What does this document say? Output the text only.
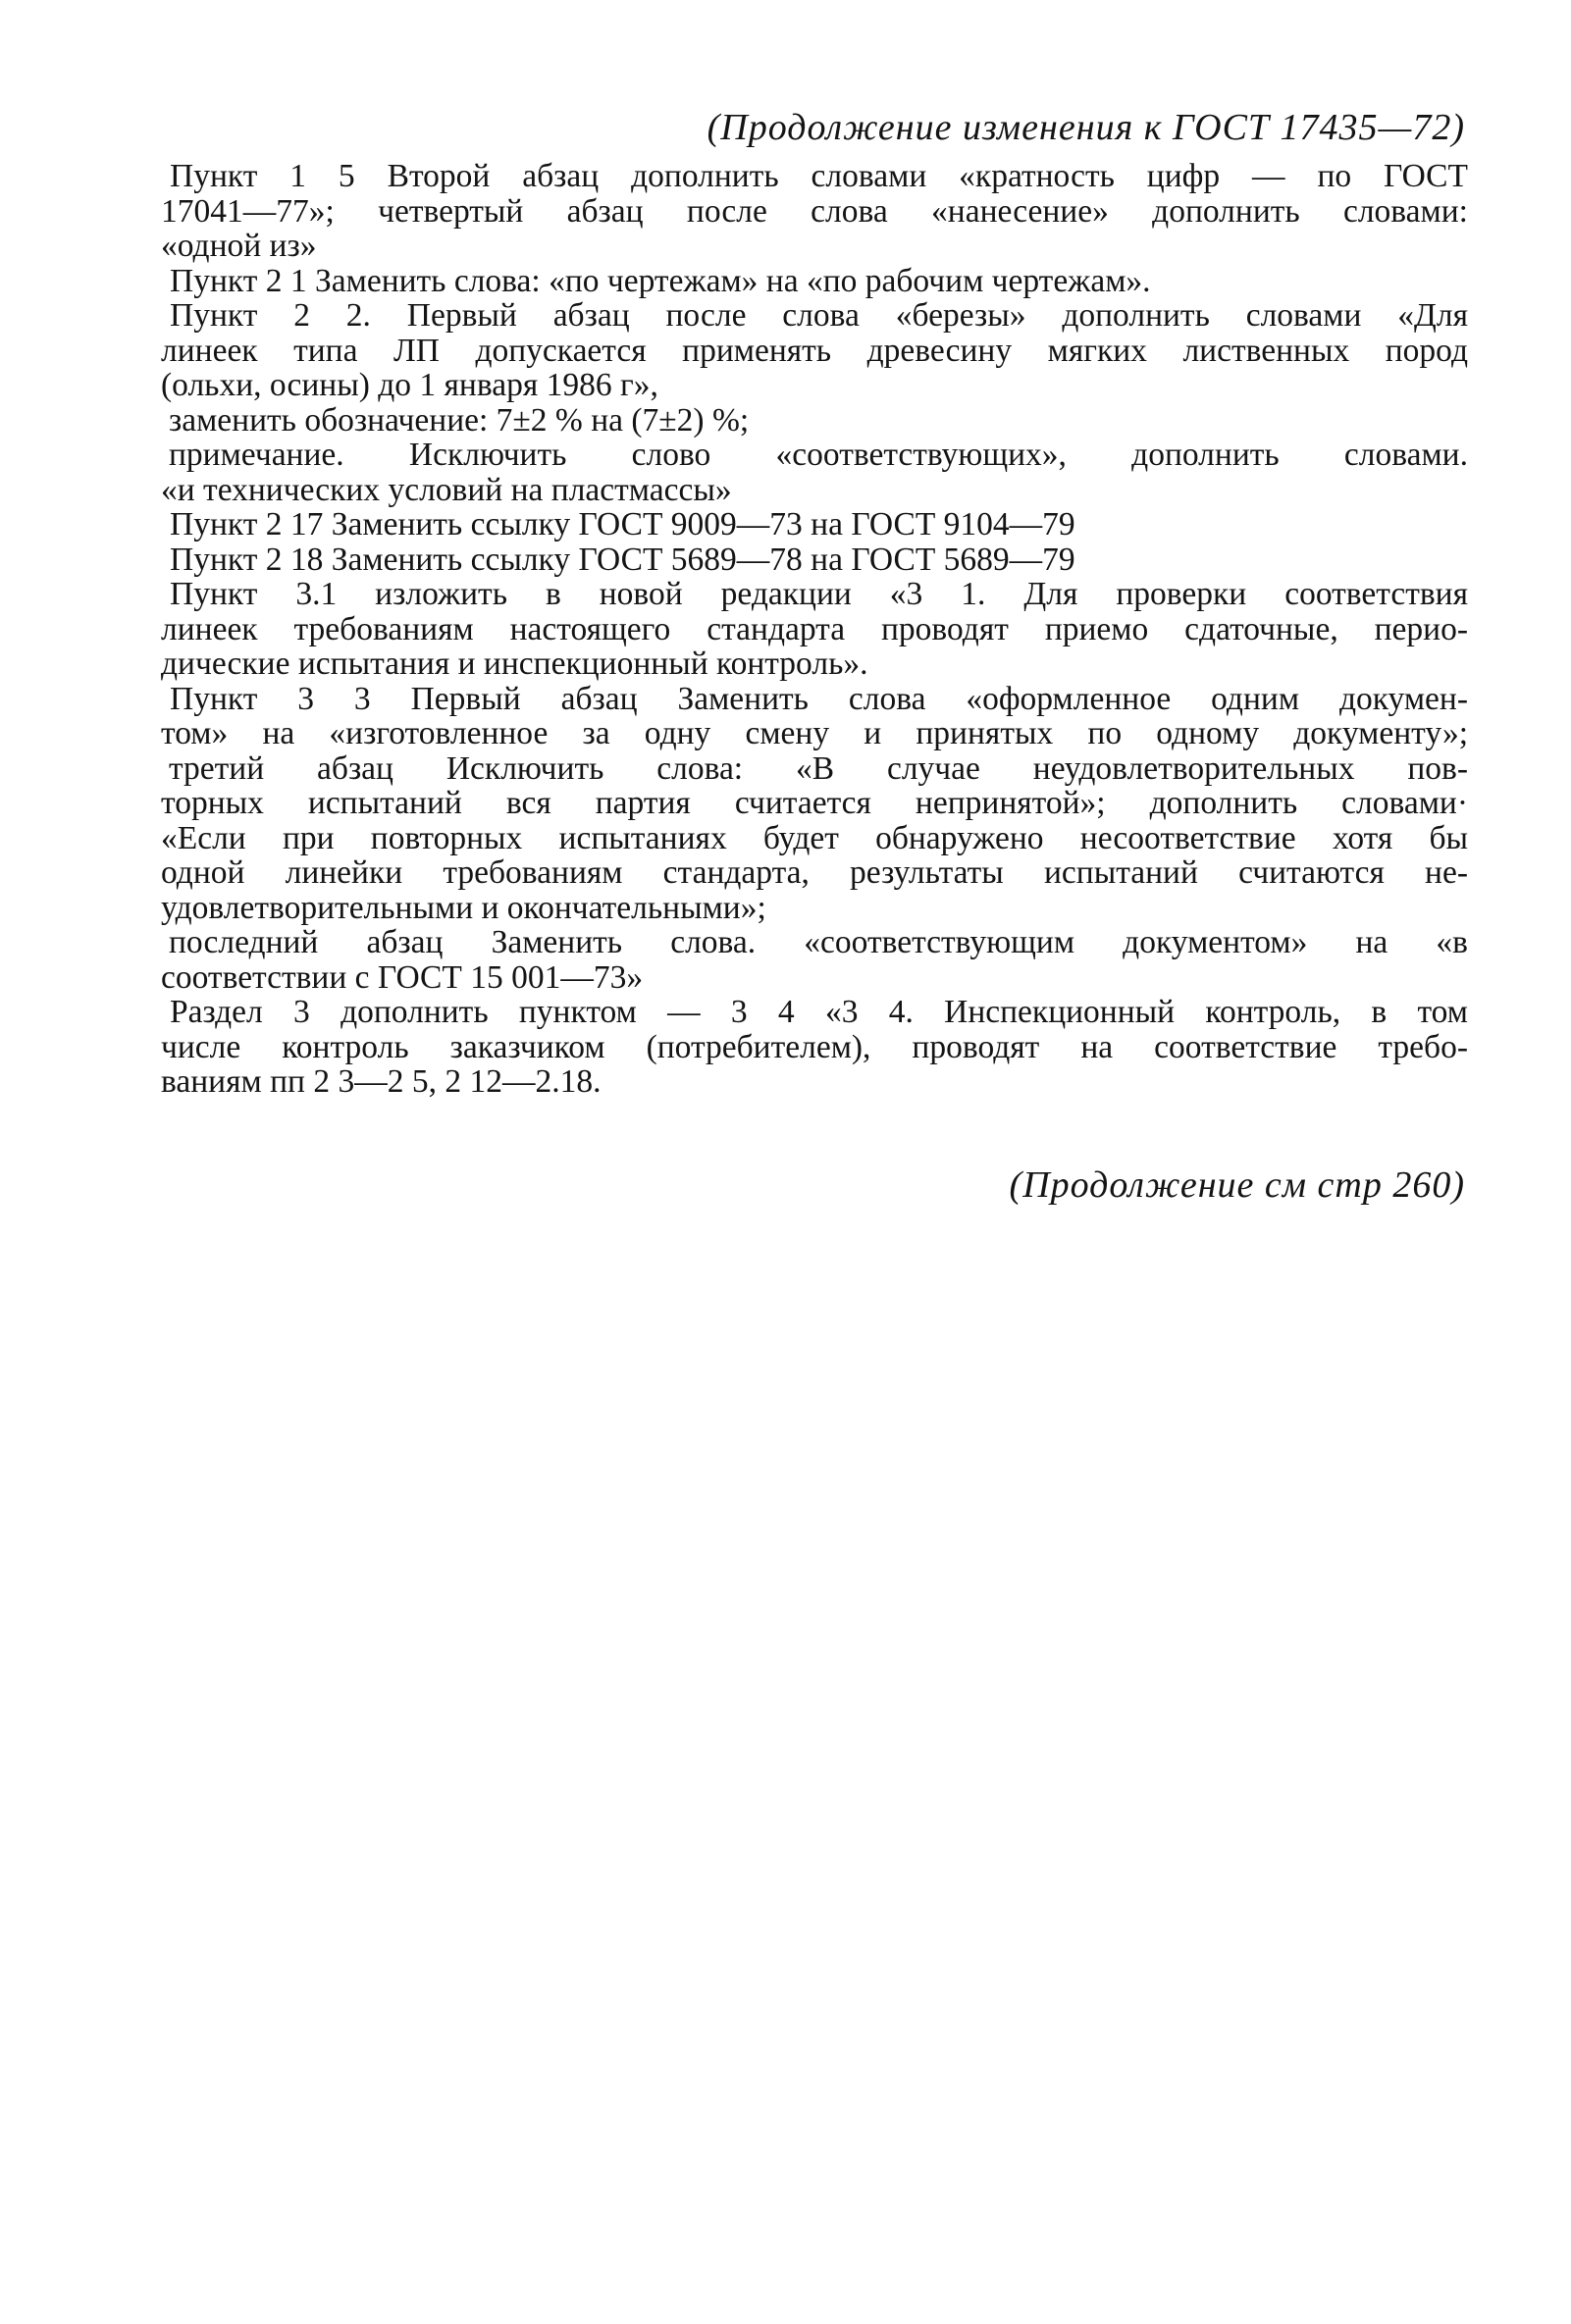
(Продолжение изменения к ГОСТ 17435—72)

Пункт 1 5 Второй абзац дополнить словами «кратность цифр — по ГОСТ
17041—77»; четвертый абзац после слова «нанесение» дополнить словами:
«одной из»

Пункт 2 1 Заменить слова: «по чертежам» на «по рабочим чертежам».

Пункт 2 2. Первый абзац после слова «березы» дополнить словами «Для
линеек типа ЛП допускается применять древесину мягких лиственных пород
(ольхи, осины) до 1 января 1986 г»,

заменить обозначение: 7±2 % на (7±2) %;

примечание. Исключить слово «соответствующих», дополнить словами.
«и технических условий на пластмассы»

Пункт 2 17 Заменить ссылку ГОСТ 9009—73 на ГОСТ 9104—79

Пункт 2 18 Заменить ссылку ГОСТ 5689—78 на ГОСТ 5689—79

Пункт 3.1 изложить в новой редакции «3 1. Для проверки соответствия
линеек требованиям настоящего стандарта проводят приемо сдаточные, перио-
дические испытания и инспекционный контроль».

Пункт 3 3 Первый абзац Заменить слова «оформленное одним докумен-
том» на «изготовленное за одну смену и принятых по одному документу»;

третий абзац Исключить слова: «В случае неудовлетворительных пов-
торных испытаний вся партия считается непринятой»; дополнить словами·
«Если при повторных испытаниях будет обнаружено несоответствие хотя бы
одной линейки требованиям стандарта, результаты испытаний считаются не-
удовлетворительными и окончательными»;

последний абзац Заменить слова. «соответствующим документом» на «в
соответствии с ГОСТ 15 001—73»

Раздел 3 дополнить пунктом — 3 4 «3 4. Инспекционный контроль, в том
числе контроль заказчиком (потребителем), проводят на соответствие требо-
ваниям пп 2 3—2 5, 2 12—2.18.

(Продолжение см стр 260)
